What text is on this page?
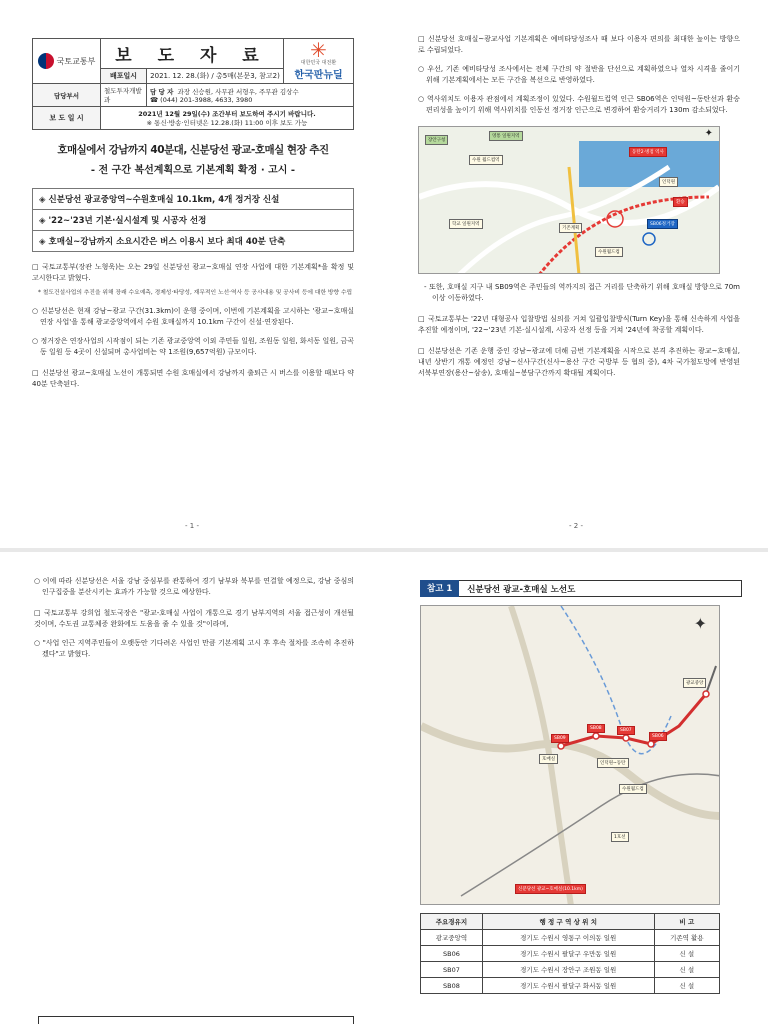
국토교통부	보 도 자 료		✳
대한민국 대전환
한국판뉴딜

	배포일시	2021. 12. 28.(화) / 총5매(본문3, 참고2)	
담당부서	철도투자개발과	담 당 자 과장 신승원, 사무관 서형우, 주무관 김상수
☎ (044) 201-3988, 4633, 3980	
보 도 일 시	2021년 12월 29일(수) 조간부터 보도하여 주시기 바랍니다.
※ 통신·방송·인터넷은 12.28.(화) 11:00 이후 보도 가능		
호매실에서 강남까지 40분대, 신분당선 광교-호매실 현장 추진
- 전 구간 복선계획으로 기본계획 확정 · 고시 -
◈ 신분당선 광교중앙역~수원호매실 10.1km, 4개 정거장 신설
◈ '22~'23년 기본·실시설계 및 시공자 선정
◈ 호매실~강남까지 소요시간은 버스 이용시 보다 최대 40분 단축
□ 국토교통부(장관 노형욱)는 오는 29일 신분당선 광교~호매실 연장 사업에 대한 기본계획*을 확정 및 고시한다고 밝혔다.
* 철도건설사업의 추진을 위해 장래 수요예측, 경제성·타당성, 재무적인 노선·역사 등 공사내용 및 공사비 등에 대한 방향 수립
○ 신분당선은 현재 강남~광교 구간(31.3km)이 운행 중이며, 이번에 기본계획을 고시하는 '광교~호매실 연장 사업'을 통해 광교중앙역에서 수원 호매실까지 10.1km 구간이 신설·연장된다.
○ 정거장은 연장사업의 시작점이 되는 기존 광교중앙역 이외 주민들 일원, 조원동 일원, 화서동 일원, 금곡동 일원 등 4곳이 신설되며 총사업비는 약 1조원(9,657억원) 규모이다.
□ 신분당선 광교~호매실 노선이 개통되면 수원 호매실에서 강남까지 출퇴근 시 버스를 이용할 때보다 약 40분 단축된다.
- 1 -
□ 신분당선 호매실~광교사업 기본계획은 예비타당성조사 때 보다 이용자 편의를 최대한 높이는 방향으로 수립되었다.
○ 우선, 기존 예비타당성 조사에서는 전체 구간의 약 절반을 단선으로 계획하였으나 열차 시격을 줄이기 위해 기본계획에서는 모든 구간을 복선으로 반영하였다.
○ 역사위치도 이용자 관점에서 계획조정이 있었다. 수원월드컵역 인근 SB06역은 인덕원~동탄선과 환승 편리성을 높이기 위해 역사위치를 인동선 정거장 인근으로 변경하여 환승거리가 130m 감소되었다.
장안구청
영통 일원지역
수원 월드컵역
동탄2·병점 역사
기존계획
SB06정거장
학교 일원지역
인덕원
수원월드컵
환승
✦
- 또한, 호매실 지구 내 SB09역은 주민들의 역까지의 접근 거리를 단축하기 위해 호매실 방향으로 70m 이상 이동하였다.
□ 국토교통부는 '22년 대형공사 입찰방법 심의를 거쳐 일괄입찰방식(Turn Key)을 통해 신속하게 사업을 추진할 예정이며, '22~'23년 기본·실시설계, 시공자 선정 등을 거쳐 '24년에 착공할 계획이다.
□ 신분당선은 기존 운행 중인 강남~광교에 더해 금번 기본계획을 시작으로 본격 추진하는 광교~호매실, 내년 상반기 개통 예정인 강남~신사구간(신사~용산 구간 국방부 등 협의 중), 4차 국가철도망에 반영된 서북부연장(용산~삼송), 호매실~봉담구간까지 확대될 계획이다.
- 2 -
○ 이에 따라 신분당선은 서울 강남 중심부를 관통하여 경기 남부와 북부를 연결할 예정으로, 강남 중심의 인구집중을 분산시키는 효과가 가능할 것으로 예상한다.
□ 국토교통부 강희업 철도국장은 "광교-호매실 사업이 개통으로 경기 남부지역의 서울 접근성이 개선될 것이며, 수도권 교통체증 완화에도 도움을 줄 수 있을 것"이라며,
○ "사업 인근 지역주민들이 오랫동안 기다려온 사업인 만큼 기본계획 고시 후 후속 절차를 조속히 추진하겠다"고 밝혔다.
참고 1	신분당선 광교-호매실 노선도
인덕원~동탄
수원월드컵
광교중앙
SB06
SB07
SB08
SB09
호매실
신분당선 광교~호매실(10.1km)
1호선
✦
주요경유지	행 정 구 역 상 위 치	비 고
광교중앙역	경기도 수원시 영통구 이의동 일원	기존역 활용
SB06	경기도 수원시 팔달구 우만동 일원	신 설
SB07	경기도 수원시 장안구 조원동 일원	신 설
SB08	경기도 수원시 팔달구 화서동 일원	신 설
